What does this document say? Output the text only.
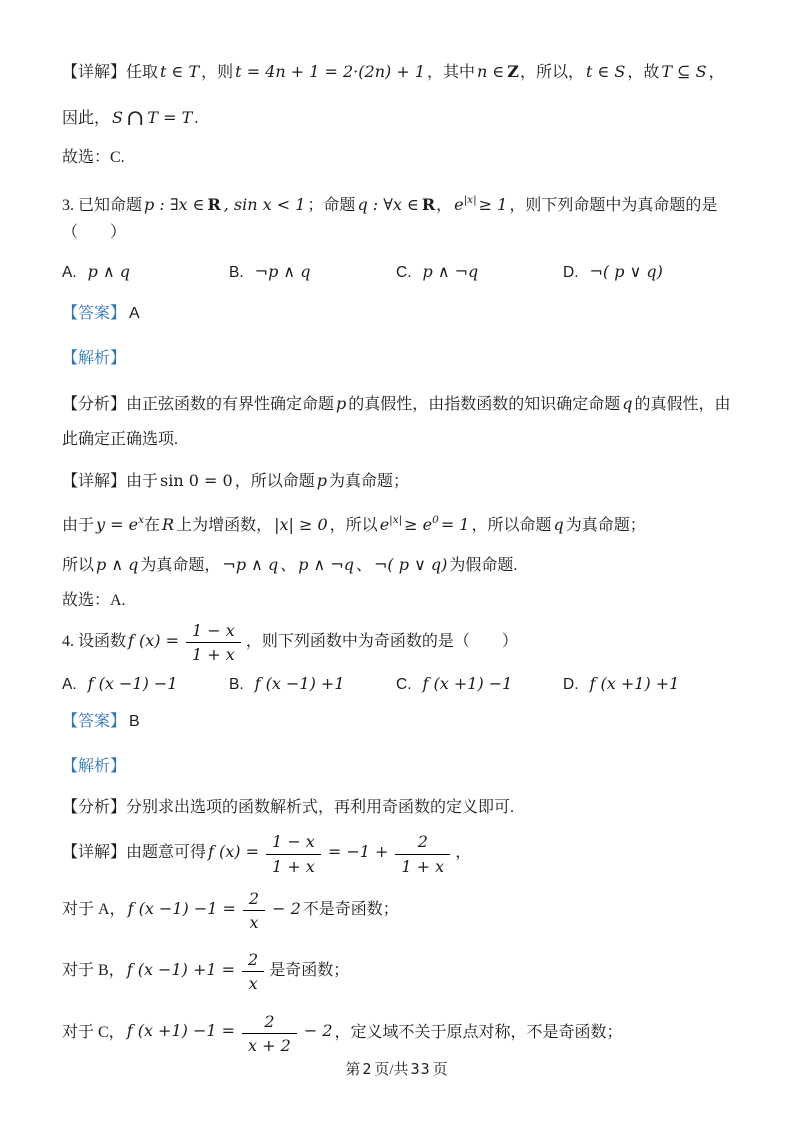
【详解】任取 t ∈ T ，则 t = 4n + 1 = 2·(2n) + 1 ，其中 n ∈ Z，所以， t ∈ S ，故 T ⊆ S ，

因此， S ∩ T = T .

故选：C.

3. 已知命题 p : ∃x ∈ R , sin x < 1 ；命题 q : ∀x ∈ R， $e^{|x|} \ge 1$ ，则下列命题中为真命题的是（　　）

A. p ∧ q	B. ¬p ∧ q	C. p ∧ ¬q	D. ¬( p ∨ q)

【答案】 A

【解析】

【分析】由正弦函数的有界性确定命题 p 的真假性，由指数函数的知识确定命题 q 的真假性，由此确定正确选项.

【详解】由于 sin 0 = 0 ，所以命题 p 为真命题；

由于 $y = e^x$在 R 上为增函数， |x| ≥ 0 ，所以 $e^{|x|} \ge e^0 = 1$ ，所以命题 q 为真命题；

所以 p ∧ q 为真命题， ¬p ∧ q 、 p ∧ ¬q 、 ¬( p ∨ q) 为假命题.

故选：A.

4. 设函数 f $(x) = \frac{1 - x}{1 + x}$ ，则下列函数中为奇函数的是（　　）

A. f (x −1) −1	B. f (x −1) +1	C. f (x +1) −1	D. f (x +1) +1

【答案】 B

【解析】

【分析】分别求出选项的函数解析式，再利用奇函数的定义即可.

【详解】由题意可得 f $(x) = \frac{1 - x}{1 + x} = -1 + \frac{2}{1 + x}$ ，

对于 A， f $(x -1) -1 = \frac{2}{x} - 2$ 不是奇函数；

对于 B， f $(x -1) +1 = \frac{2}{x}$ 是奇函数；

对于 C， f $(x +1) -1 = \frac{2}{x + 2} - 2$ ，定义域不关于原点对称，不是奇函数；

第 2 页/共 33 页
